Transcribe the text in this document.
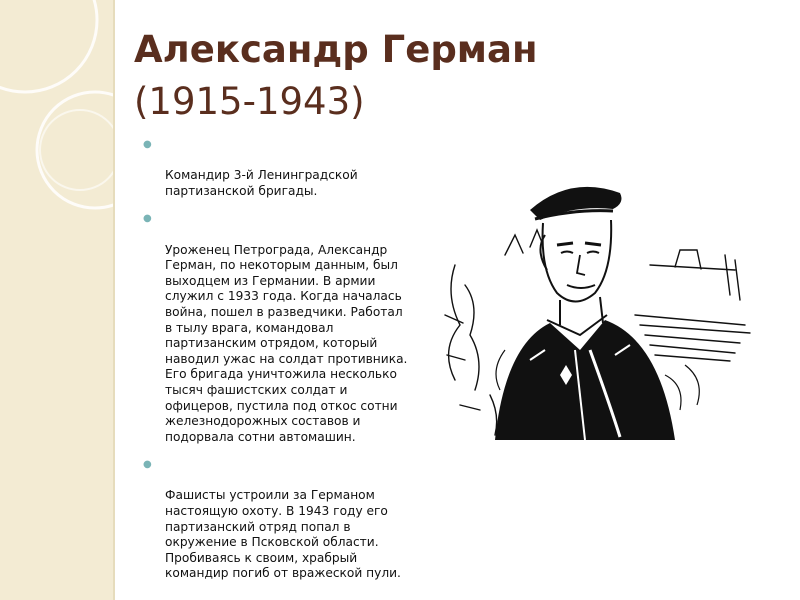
Александр Герман
(1915-1943)

●

Командир 3-й Ленинградской
партизанской бригады.

●

Уроженец Петрограда, Александр
Герман, по некоторым данным, был
выходцем из Германии. В армии
служил с 1933 года. Когда началась
война, пошел в разведчики. Работал
в тылу врага, командовал
партизанским отрядом, который
наводил ужас на солдат противника.
Его бригада уничтожила несколько
тысяч фашистских солдат и
офицеров, пустила под откос сотни
железнодорожных составов и
подорвала сотни автомашин.

●

Фашисты устроили за Германом
настоящую охоту. В 1943 году его
партизанский отряд попал в
окружение в Псковской области.
Пробиваясь к своим, храбрый
командир погиб от вражеской пули.
